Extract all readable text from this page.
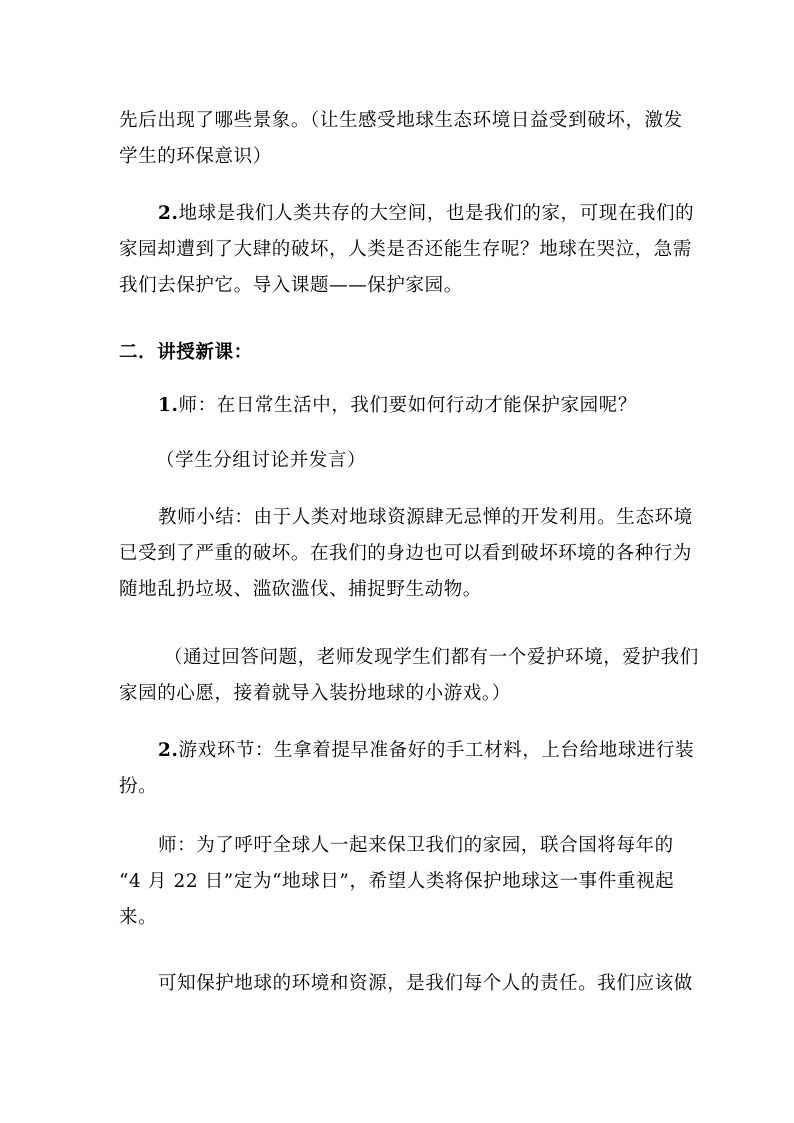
先后出现了哪些景象。（让生感受地球生态环境日益受到破坏，激发
学生的环保意识）
2.地球是我们人类共存的大空间，也是我们的家，可现在我们的
家园却遭到了大肆的破坏，人类是否还能生存呢？地球在哭泣，急需
我们去保护它。导入课题——保护家园。
二．讲授新课：
1.师：在日常生活中，我们要如何行动才能保护家园呢？
（学生分组讨论并发言）
教师小结：由于人类对地球资源肆无忌惮的开发利用。生态环境
已受到了严重的破坏。在我们的身边也可以看到破坏环境的各种行为
随地乱扔垃圾、滥砍滥伐、捕捉野生动物。
（通过回答问题，老师发现学生们都有一个爱护环境，爱护我们
家园的心愿，接着就导入装扮地球的小游戏。）
2.游戏环节：生拿着提早准备好的手工材料，上台给地球进行装
扮。
师：为了呼吁全球人一起来保卫我们的家园，联合国将每年的
“4 月 22 日”定为“地球日”，希望人类将保护地球这一事件重视起
来。
可知保护地球的环境和资源，是我们每个人的责任。我们应该做
